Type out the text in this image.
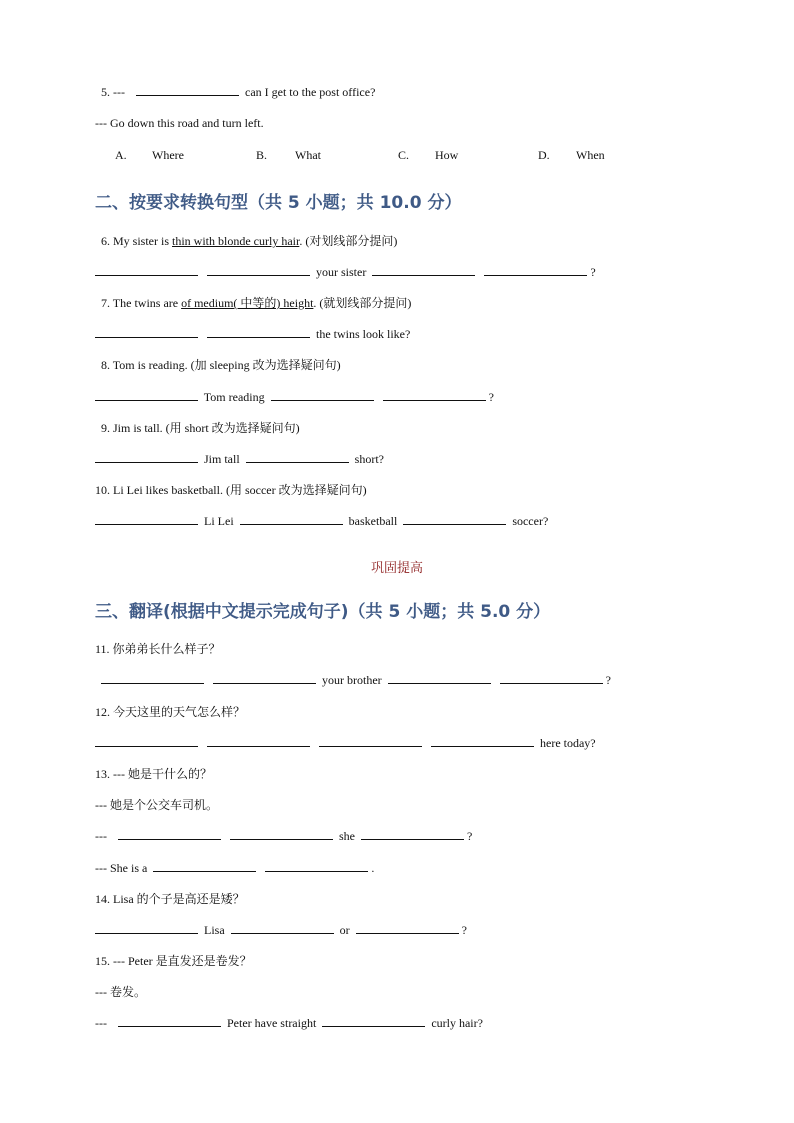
5. ---	can I get to the post office?
--- Go down this road and turn left.
A. Where	B. What	C. How	D. When
二、按要求转换句型（共 5 小题；共 10.0 分）
6. My sister is thin with blonde curly hair. (对划线部分提问)
your sister	?
7. The twins are of medium( 中等的) height. (就划线部分提问)
the twins look like?
8. Tom is reading. (加 sleeping 改为选择疑问句)
Tom reading	?
9. Jim is tall. (用 short 改为选择疑问句)
Jim tall	short?
10. Li Lei likes basketball. (用 soccer 改为选择疑问句)
Li Lei	basketball	soccer?
巩固提高
三、翻译(根据中文提示完成句子)（共 5 小题；共 5.0 分）
11. 你弟弟长什么样子？
your brother	?
12. 今天这里的天气怎么样？
here today?
13. --- 她是干什么的？
--- 她是个公交车司机。
---	she	?
--- She is a	.
14. Lisa 的个子是高还是矮？
Lisa	or	?
15. --- Peter 是直发还是卷发？
--- 卷发。
---	Peter have straight	curly hair?
